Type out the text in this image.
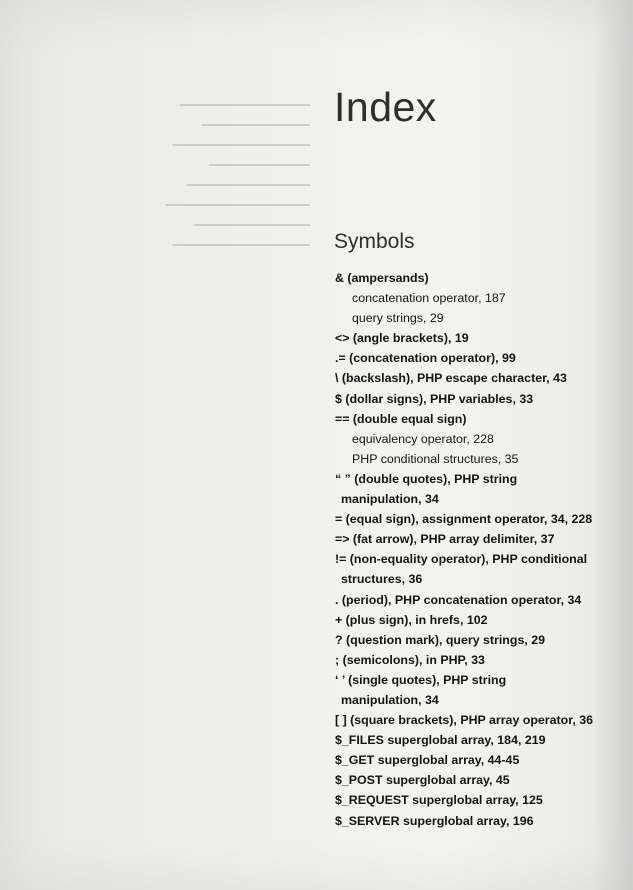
━━━━━━━━━━━━━━━━━━
━━━━━━━━━━━━━━━
━━━━━━━━━━━━━━━━━━━
━━━━━━━━━━━━━━
━━━━━━━━━━━━━━━━━
━━━━━━━━━━━━━━━━━━━━
━━━━━━━━━━━━━━━━
━━━━━━━━━━━━━━━━━━━
Index
Symbols

& (ampersands)

concatenation operator, 187

query strings, 29

<> (angle brackets), 19

.= (concatenation operator), 99

\ (backslash), PHP escape character, 43

$ (dollar signs), PHP variables, 33

== (double equal sign)

equivalency operator, 228

PHP conditional structures, 35

“ ” (double quotes), PHP string

manipulation, 34

= (equal sign), assignment operator, 34, 228

=> (fat arrow), PHP array delimiter, 37

!= (non-equality operator), PHP conditional

structures, 36

. (period), PHP concatenation operator, 34

+ (plus sign), in hrefs, 102

? (question mark), query strings, 29

; (semicolons), in PHP, 33

‘ ’ (single quotes), PHP string

manipulation, 34

[ ] (square brackets), PHP array operator, 36

$_FILES superglobal array, 184, 219

$_GET superglobal array, 44-45

$_POST superglobal array, 45

$_REQUEST superglobal array, 125

$_SERVER superglobal array, 196
